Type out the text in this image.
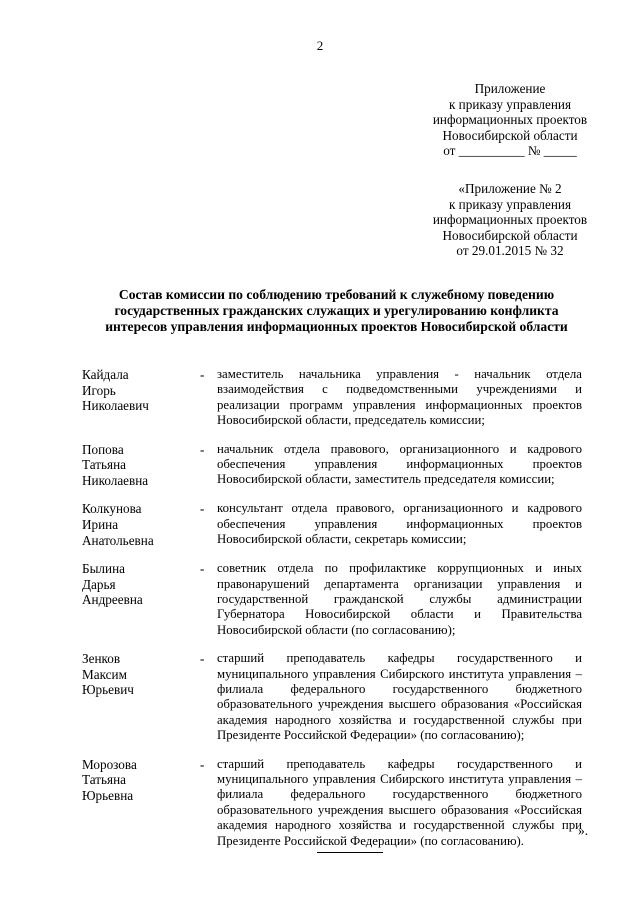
2
Приложение
к приказу управления
информационных проектов
Новосибирской области
от __________ № _____
«Приложение № 2
к приказу управления
информационных проектов
Новосибирской области
от 29.01.2015 № 32
Состав комиссии по соблюдению требований к служебному поведению
государственных гражданских служащих и урегулированию конфликта
интересов управления информационных проектов Новосибирской области
Кайдала
Игорь
Николаевич
- заместитель начальника управления - начальник отдела взаимодействия с подведомственными учреждениями и реализации программ управления информационных проектов Новосибирской области, председатель комиссии;
Попова
Татьяна
Николаевна
- начальник отдела правового, организационного и кадрового обеспечения управления информационных проектов Новосибирской области, заместитель председателя комиссии;
Колкунова
Ирина
Анатольевна
- консультант отдела правового, организационного и кадрового обеспечения управления информационных проектов Новосибирской области, секретарь комиссии;
Былина
Дарья
Андреевна
- советник отдела по профилактике коррупционных и иных правонарушений департамента организации управления и государственной гражданской службы администрации Губернатора Новосибирской области и Правительства Новосибирской области (по согласованию);
Зенков
Максим
Юрьевич
- старший преподаватель кафедры государственного и муниципального управления Сибирского института управления – филиала федерального государственного бюджетного образовательного учреждения высшего образования «Российская академия народного хозяйства и государственной службы при Президенте Российской Федерации» (по согласованию);
Морозова
Татьяна
Юрьевна
- старший преподаватель кафедры государственного и муниципального управления Сибирского института управления – филиала федерального государственного бюджетного образовательного учреждения высшего образования «Российская академия народного хозяйства и государственной службы при Президенте Российской Федерации» (по согласованию).
».
